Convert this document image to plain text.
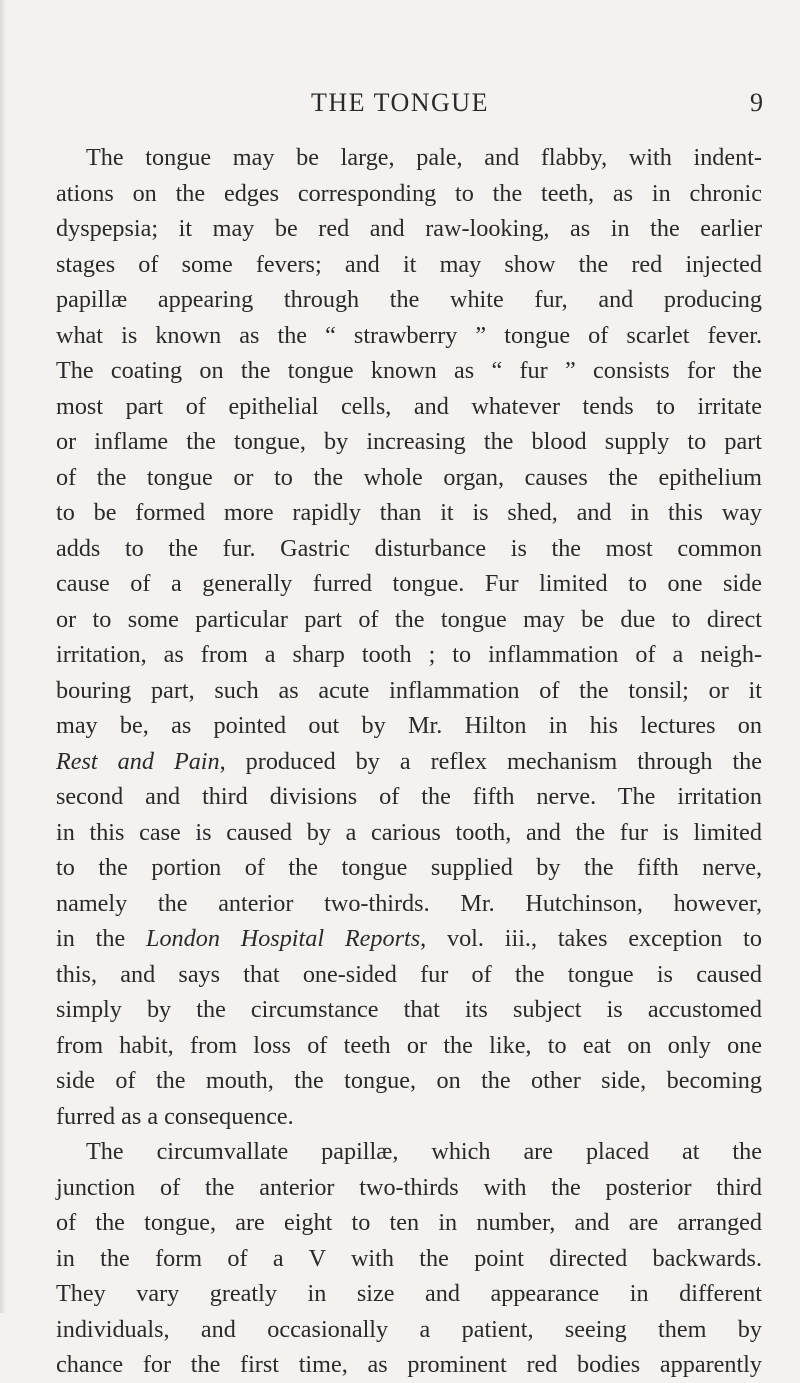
THE TONGUE	9
The tongue may be large, pale, and flabby, with indent-
ations on the edges corresponding to the teeth, as in chronic
dyspepsia; it may be red and raw-looking, as in the earlier
stages of some fevers; and it may show the red injected
papillæ appearing through the white fur, and producing
what is known as the “ strawberry ” tongue of scarlet fever.
The coating on the tongue known as “ fur ” consists for the
most part of epithelial cells, and whatever tends to irritate
or inflame the tongue, by increasing the blood supply to part
of the tongue or to the whole organ, causes the epithelium
to be formed more rapidly than it is shed, and in this way
adds to the fur. Gastric disturbance is the most common
cause of a generally furred tongue. Fur limited to one side
or to some particular part of the tongue may be due to direct
irritation, as from a sharp tooth ; to inflammation of a neigh-
bouring part, such as acute inflammation of the tonsil; or it
may be, as pointed out by Mr. Hilton in his lectures on
Rest and Pain, produced by a reflex mechanism through the
second and third divisions of the fifth nerve. The irritation
in this case is caused by a carious tooth, and the fur is limited
to the portion of the tongue supplied by the fifth nerve,
namely the anterior two-thirds. Mr. Hutchinson, however,
in the London Hospital Reports, vol. iii., takes exception to
this, and says that one-sided fur of the tongue is caused
simply by the circumstance that its subject is accustomed
from habit, from loss of teeth or the like, to eat on only one
side of the mouth, the tongue, on the other side, becoming
furred as a consequence.
The circumvallate papillæ, which are placed at the
junction of the anterior two-thirds with the posterior third
of the tongue, are eight to ten in number, and are arranged
in the form of a V with the point directed backwards.
They vary greatly in size and appearance in different
individuals, and occasionally a patient, seeing them by
chance for the first time, as prominent red bodies apparently
